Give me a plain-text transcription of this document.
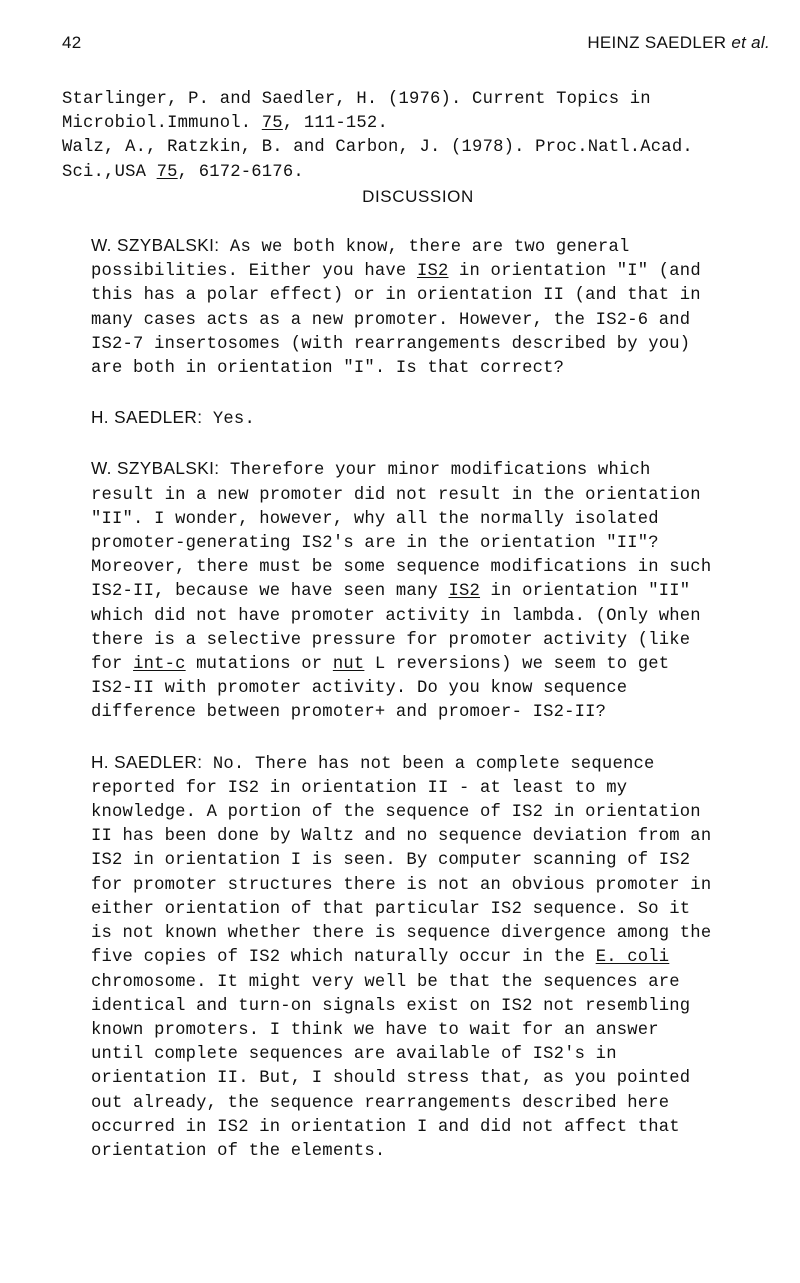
42	HEINZ SAEDLER et al.
Starlinger, P. and Saedler, H. (1976). Current Topics in
Microbiol.Immunol. 75, 111-152.
Walz, A., Ratzkin, B. and Carbon, J. (1978). Proc.Natl.Acad.
Sci.,USA 75, 6172-6176.

DISCUSSION

W. SZYBALSKI: As we both know, there are two general
possibilities. Either you have IS2 in orientation "I" (and
this has a polar effect) or in orientation II (and that in
many cases acts as a new promoter. However, the IS2-6 and
IS2-7 insertosomes (with rearrangements described by you)
are both in orientation "I". Is that correct?
H. SAEDLER: Yes.
W. SZYBALSKI: Therefore your minor modifications which
result in a new promoter did not result in the orientation
"II". I wonder, however, why all the normally isolated
promoter-generating IS2's are in the orientation "II"?
Moreover, there must be some sequence modifications in such
IS2-II, because we have seen many IS2 in orientation "II"
which did not have promoter activity in lambda. (Only when
there is a selective pressure for promoter activity (like
for int-c mutations or nut L reversions) we seem to get
IS2-II with promoter activity. Do you know sequence
difference between promoter+ and promoer- IS2-II?
H. SAEDLER: No. There has not been a complete sequence
reported for IS2 in orientation II - at least to my
knowledge. A portion of the sequence of IS2 in orientation
II has been done by Waltz and no sequence deviation from an
IS2 in orientation I is seen. By computer scanning of IS2
for promoter structures there is not an obvious promoter in
either orientation of that particular IS2 sequence. So it
is not known whether there is sequence divergence among the
five copies of IS2 which naturally occur in the E. coli
chromosome. It might very well be that the sequences are
identical and turn-on signals exist on IS2 not resembling
known promoters. I think we have to wait for an answer
until complete sequences are available of IS2's in
orientation II. But, I should stress that, as you pointed
out already, the sequence rearrangements described here
occurred in IS2 in orientation I and did not affect that
orientation of the elements.
